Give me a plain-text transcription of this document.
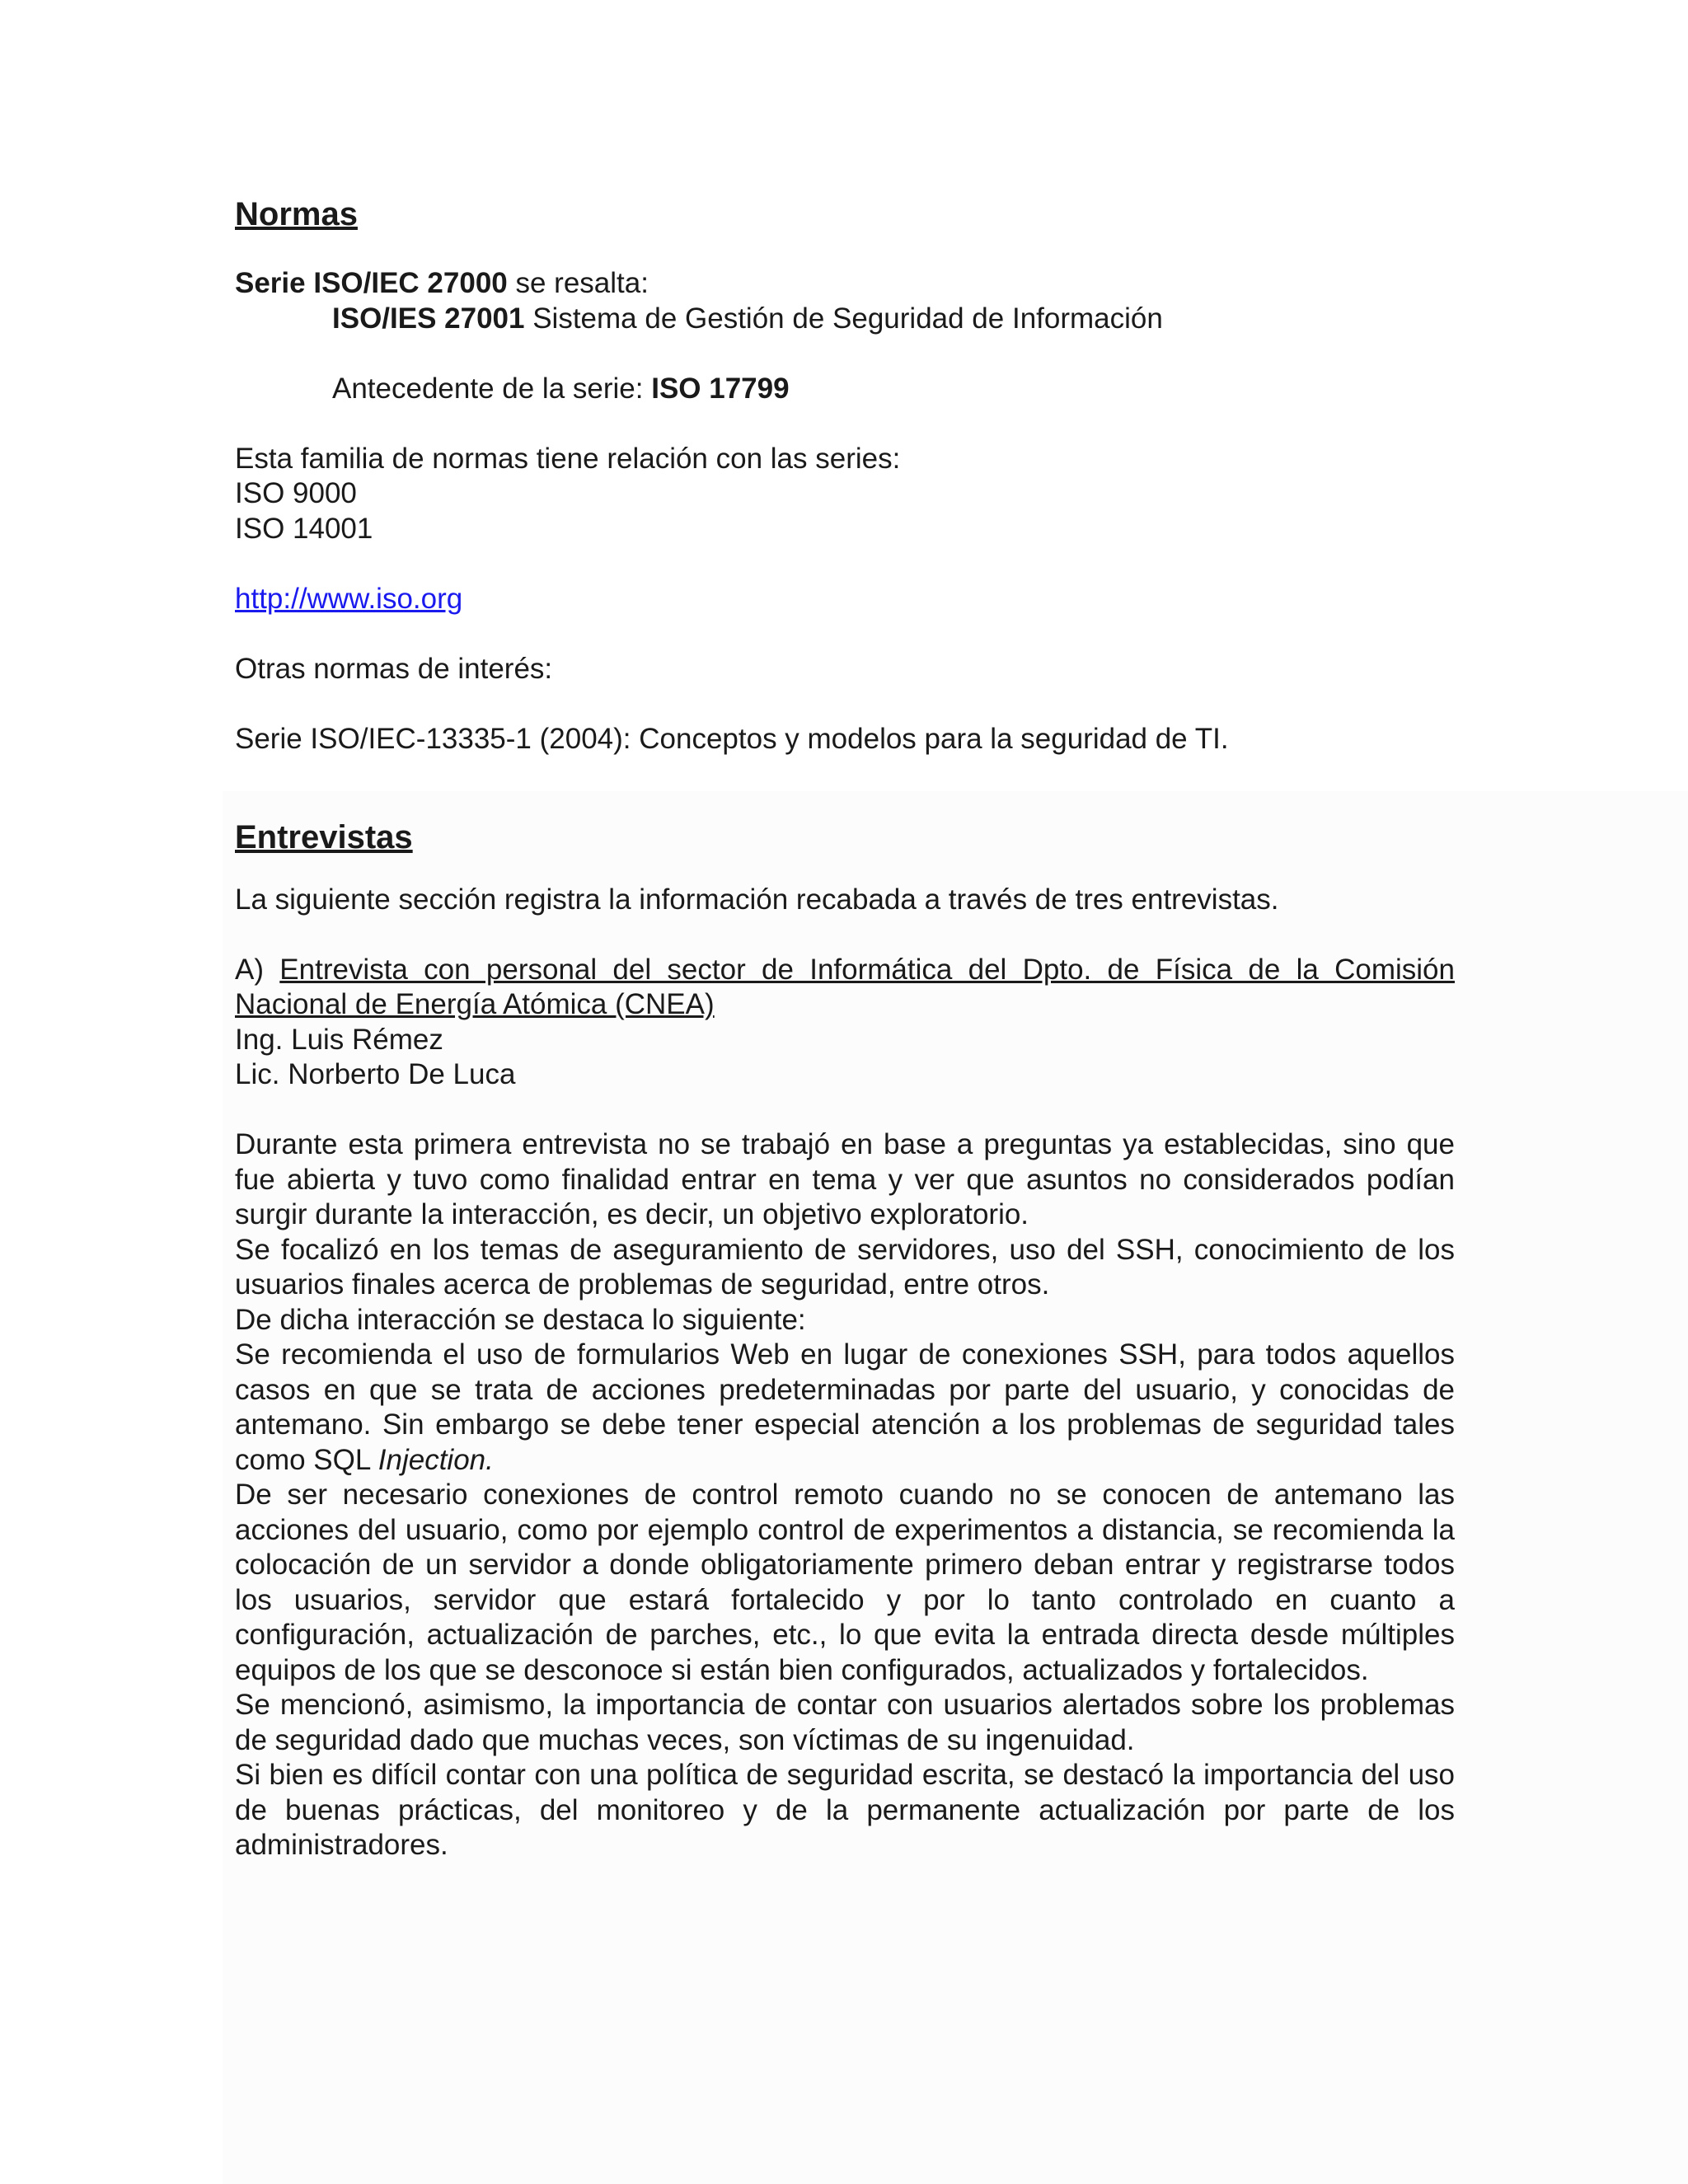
Normas

Serie ISO/IEC 27000 se resalta:

ISO/IES 27001 Sistema de Gestión de Seguridad de Información

Antecedente de la serie: ISO 17799

Esta familia de normas tiene relación con las series:

ISO 9000

ISO 14001

http://www.iso.org

Otras normas de interés:

Serie ISO/IEC-13335-1 (2004): Conceptos y modelos para la seguridad de TI.

Entrevistas

La siguiente sección registra la información recabada a través de tres entrevistas.

A) Entrevista con personal del sector de Informática del Dpto. de Física de la Comisión Nacional de Energía Atómica (CNEA)

Ing. Luis Rémez

Lic. Norberto De Luca

Durante esta primera entrevista no se trabajó en base a preguntas ya establecidas, sino que fue abierta y tuvo como finalidad entrar en tema y ver que asuntos no considerados podían surgir durante la interacción, es decir, un objetivo exploratorio.

Se focalizó en los temas de aseguramiento de servidores, uso del SSH, conocimiento de los usuarios finales acerca de problemas de seguridad, entre otros.

De dicha interacción se destaca lo siguiente:

Se recomienda el uso de formularios Web en lugar de conexiones SSH, para todos aquellos casos en que se trata de acciones predeterminadas por parte del usuario, y conocidas de antemano. Sin embargo se debe tener especial atención a los problemas de seguridad tales como SQL Injection.

De ser necesario conexiones de control remoto cuando no se conocen de antemano las acciones del usuario, como por ejemplo control de experimentos a distancia, se recomienda la colocación de un servidor a donde obligatoriamente primero deban entrar y registrarse todos los usuarios, servidor que estará fortalecido y por lo tanto controlado en cuanto a configuración, actualización de parches, etc., lo que evita la entrada directa desde múltiples equipos de los que se desconoce si están bien configurados, actualizados y fortalecidos.

Se mencionó, asimismo, la importancia de contar con usuarios alertados sobre los problemas de seguridad dado que muchas veces, son víctimas de su ingenuidad.

Si bien es difícil contar con una política de seguridad escrita, se destacó la importancia del uso de buenas prácticas, del monitoreo y de la permanente actualización por parte de los administradores.
